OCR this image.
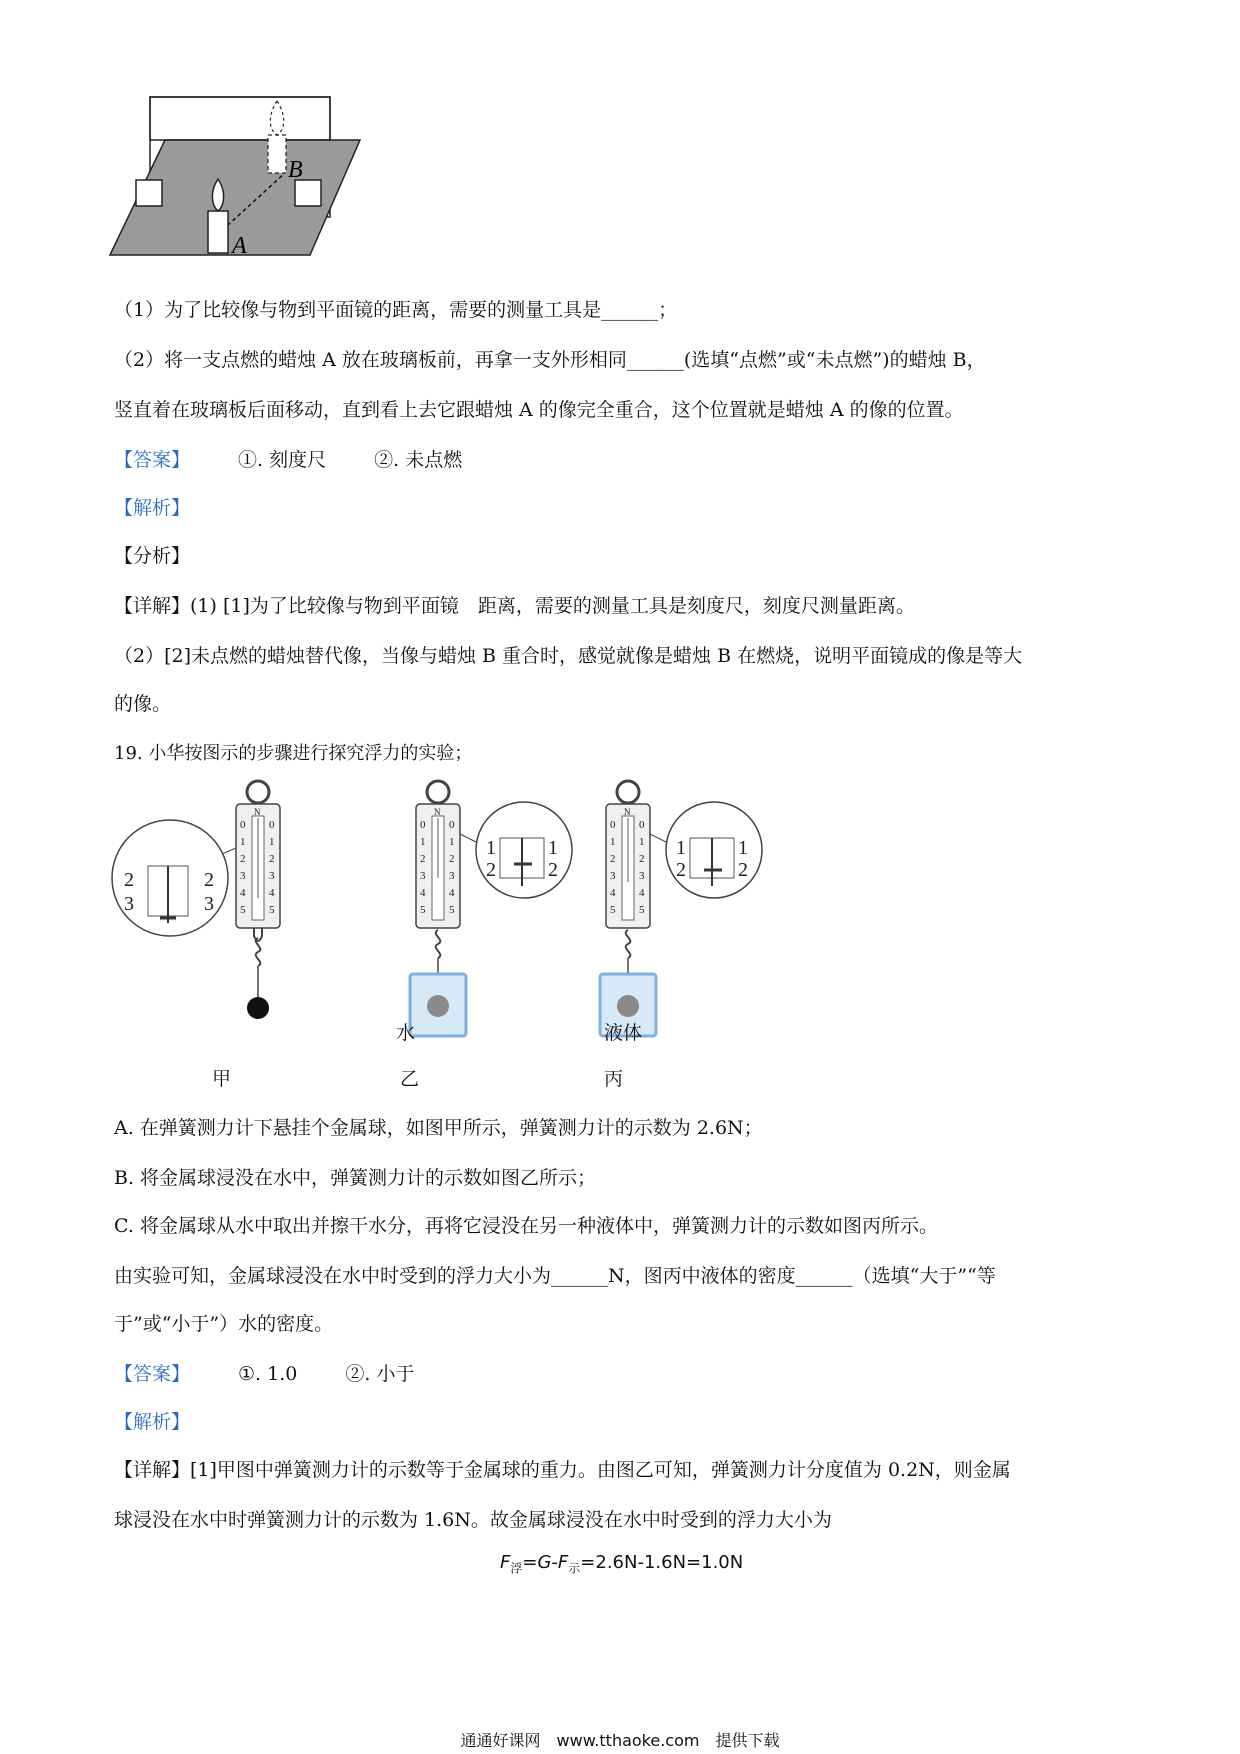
B
A
（1）为了比较像与物到平面镜的距离，需要的测量工具是______；
（2）将一支点燃的蜡烛 A 放在玻璃板前，再拿一支外形相同______(选填“点燃”或“未点燃”)的蜡烛 B，
竖直着在玻璃板后面移动，直到看上去它跟蜡烛 A 的像完全重合，这个位置就是蜡烛 A 的像的位置。
【答案】	①. 刻度尺	②. 未点燃
【解析】
【分析】
【详解】(1) [1]为了比较像与物到平面镜　距离，需要的测量工具是刻度尺，刻度尺测量距离。
（2）[2]未点燃的蜡烛替代像，当像与蜡烛 B 重合时，感觉就像是蜡烛 B 在燃烧，说明平面镜成的像是等大
的像。
19. 小华按图示的步骤进行探究浮力的实验；
N
0
1
2
3
4
5
0
1
2
3
4
5
2
3
2
3
N
0
1
2
3
4
5
0
1
2
3
4
5
1
2
1
2
N
0
1
2
3
4
5
0
1
2
3
4
5
1
2
1
2
水	液体
甲	乙	丙
A. 在弹簧测力计下悬挂个金属球，如图甲所示，弹簧测力计的示数为 2.6N；
B. 将金属球浸没在水中，弹簧测力计的示数如图乙所示；
C. 将金属球从水中取出并擦干水分，再将它浸没在另一种液体中，弹簧测力计的示数如图丙所示。
由实验可知，金属球浸没在水中时受到的浮力大小为______N，图丙中液体的密度______（选填“大于”“等
于”或“小于”）水的密度。
【答案】	①. 1.0	②. 小于
【解析】
【详解】[1]甲图中弹簧测力计的示数等于金属球的重力。由图乙可知，弹簧测力计分度值为 0.2N，则金属
球浸没在水中时弹簧测力计的示数为 1.6N。故金属球浸没在水中时受到的浮力大小为
$F_浮=G-F_示=2.6N-1.6N=1.0N$
通通好课网　www.tthaoke.com　提供下载
